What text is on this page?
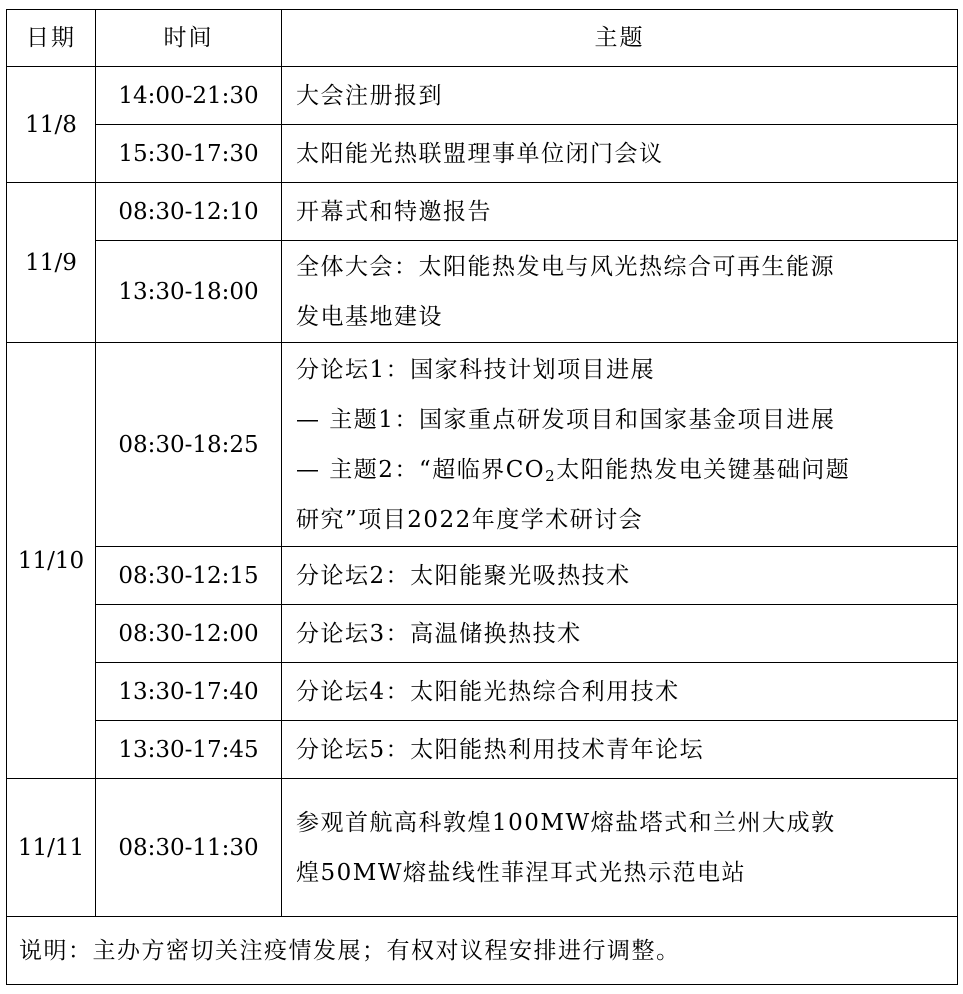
日期	时间	主题
11/8	14:00-21:30	大会注册报到

	15:30-17:30	太阳能光热联盟理事单位闭门会议

11/9	08:30-12:10	开幕式和特邀报告

	13:30-18:00	全体大会：太阳能热发电与风光热综合可再生能源
发电基地建设

11/10	08:30-18:25	分论坛1：国家科技计划项目进展
— 主题1：国家重点研发项目和国家基金项目进展
— 主题2：“超临界$CO_2$太阳能热发电关键基础问题
研究”项目2022年度学术研讨会

	08:30-12:15	分论坛2：太阳能聚光吸热技术

	08:30-12:00	分论坛3：高温储换热技术

	13:30-17:40	分论坛4：太阳能光热综合利用技术

	13:30-17:45	分论坛5：太阳能热利用技术青年论坛

11/11	08:30-11:30	参观首航高科敦煌100MW熔盐塔式和兰州大成敦
煌50MW熔盐线性菲涅耳式光热示范电站

说明：主办方密切关注疫情发展；有权对议程安排进行调整。		
